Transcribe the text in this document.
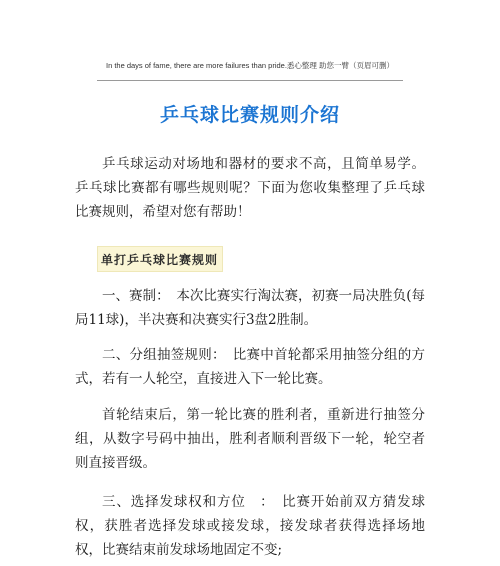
In the days of fame, there are more failures than pride.悉心整理 助您一臂（页眉可删）
乒乓球比赛规则介绍

乒乓球运动对场地和器材的要求不高，且简单易学。乒乓球比赛都有哪些规则呢？下面为您收集整理了乒乓球比赛规则，希望对您有帮助！

单打乒乓球比赛规则

一、赛制：　本次比赛实行淘汰赛，初赛一局决胜负(每局11球)，半决赛和决赛实行3盘2胜制。

二、分组抽签规则：　比赛中首轮都采用抽签分组的方式，若有一人轮空，直接进入下一轮比赛。

首轮结束后，第一轮比赛的胜利者，重新进行抽签分组，从数字号码中抽出，胜利者顺利晋级下一轮，轮空者则直接晋级。

三、选择发球权和方位　：　比赛开始前双方猜发球权，获胜者选择发球或接发球，接发球者获得选择场地权，比赛结束前发球场地固定不变;
